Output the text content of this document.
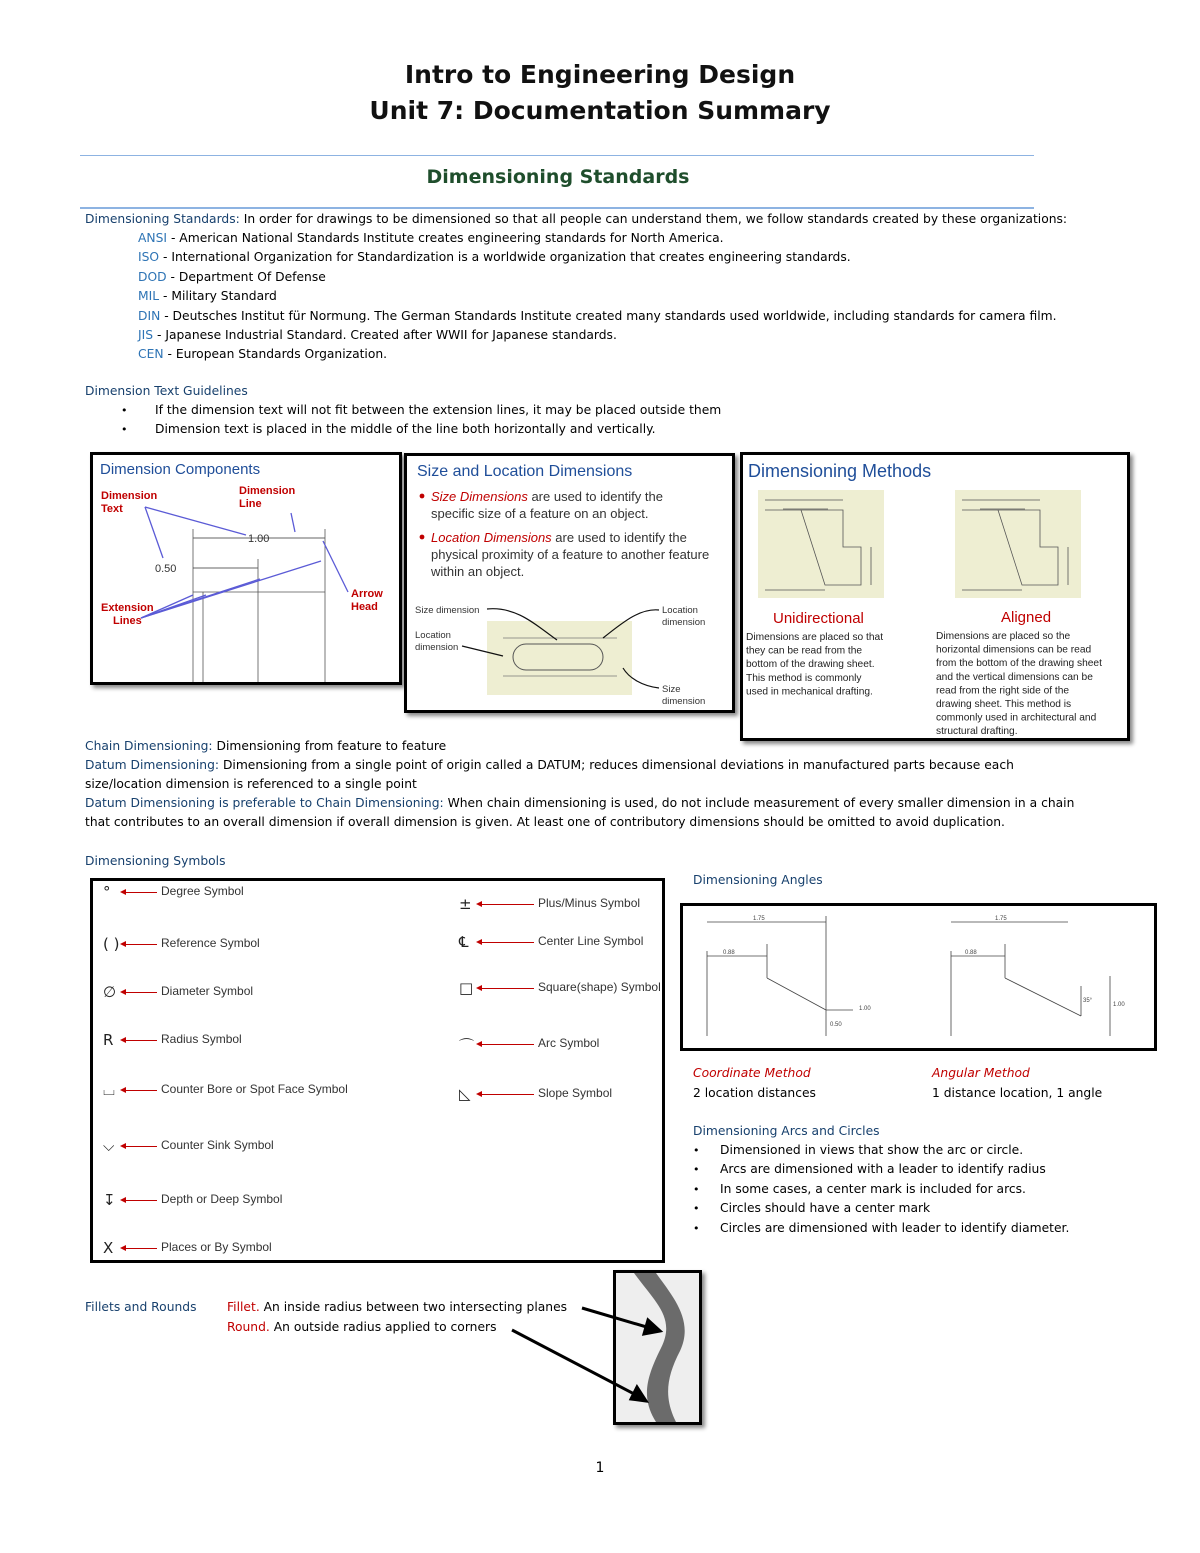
Intro to Engineering Design
Unit 7: Documentation Summary
Dimensioning Standards
Dimensioning Standards: In order for drawings to be dimensioned so that all people can understand them, we follow standards created by these organizations:
ANSI - American National Standards Institute creates engineering standards for North America.
ISO - International Organization for Standardization is a worldwide organization that creates engineering standards.
DOD - Department Of Defense
MIL - Military Standard
DIN - Deutsches Institut für Normung. The German Standards Institute created many standards used worldwide, including standards for camera film.
JIS - Japanese Industrial Standard. Created after WWII for Japanese standards.
CEN - European Standards Organization.
Dimension Text Guidelines
• If the dimension text will not fit between the extension lines, it may be placed outside them
• Dimension text is placed in the middle of the line both horizontally and vertically.
Dimension Components
Dimension
Text
Dimension
Line
Extension
Lines
Arrow
Head
1.00
0.50
Size and Location Dimensions
Size Dimensions are used to identify the
specific size of a feature on an object.
Location Dimensions are used to identify the
physical proximity of a feature to another feature
within an object.
Size dimension
Location
dimension
Location
dimension
Size
dimension
Dimensioning Methods
Unidirectional	Aligned
Dimensions are placed so that
they can be read from the
bottom of the drawing sheet.
This method is commonly
used in mechanical drafting.
Dimensions are placed so the
horizontal dimensions can be read
from the bottom of the drawing sheet
and the vertical dimensions can be
read from the right side of the
drawing sheet. This method is
commonly used in architectural and
structural drafting.
Chain Dimensioning: Dimensioning from feature to feature
Datum Dimensioning: Dimensioning from a single point of origin called a DATUM; reduces dimensional deviations in manufactured parts because each
size/location dimension is referenced to a single point
Datum Dimensioning is preferable to Chain Dimensioning: When chain dimensioning is used, do not include measurement of every smaller dimension in a chain
that contributes to an overall dimension if overall dimension is given. At least one of contributory dimensions should be omitted to avoid duplication.
Dimensioning Symbols
°	Degree Symbol
( )	Reference Symbol
∅	Diameter Symbol
R	Radius Symbol
⌴	Counter Bore or Spot Face Symbol
⌵	Counter Sink Symbol
↧	Depth or Deep Symbol
X	Places or By Symbol
±	Plus/Minus Symbol
℄	Center Line Symbol
□	Square(shape) Symbol
⌒	Arc Symbol
◺	Slope Symbol
Dimensioning Angles
1.75
0.88
0.50
1.00
1.75
0.88
35°
1.00
Coordinate Method
2 location distances
Angular Method
1 distance location, 1 angle
Dimensioning Arcs and Circles
• Dimensioned in views that show the arc or circle.
• Arcs are dimensioned with a leader to identify radius
• In some cases, a center mark is included for arcs.
• Circles should have a center mark
• Circles are dimensioned with leader to identify diameter.
Fillets and Rounds Fillet. An inside radius between two intersecting planes
Round. An outside radius applied to corners
1
